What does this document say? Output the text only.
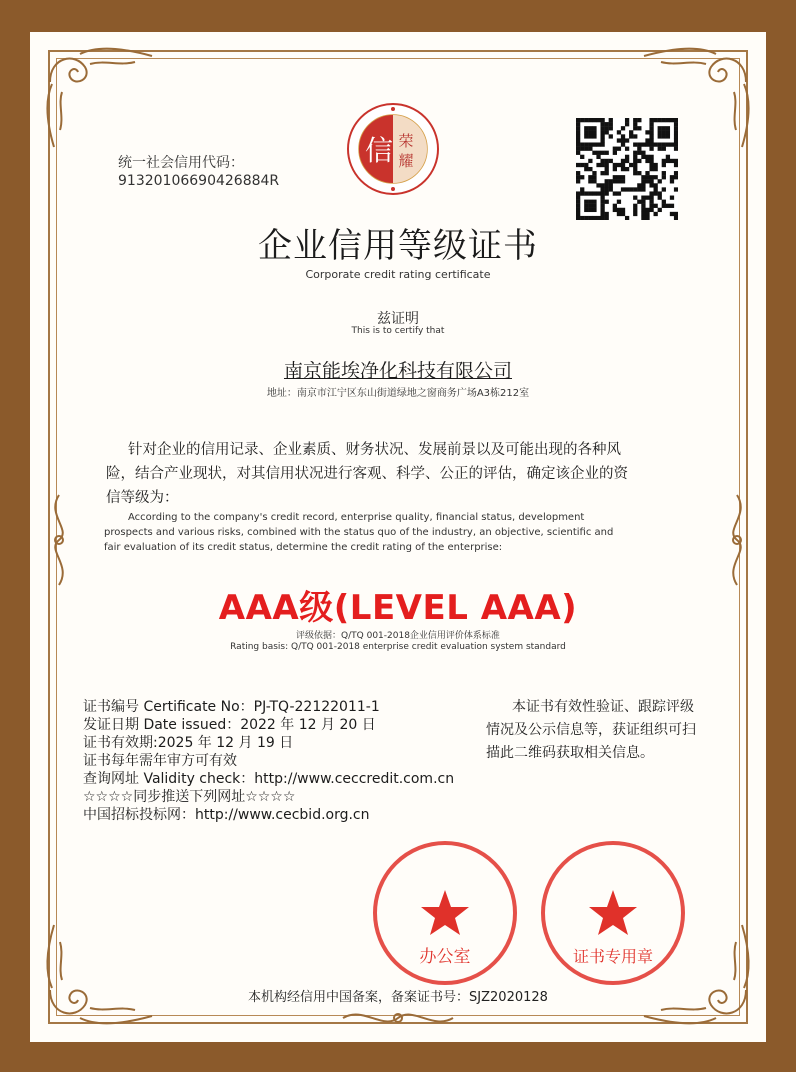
统一社会信用代码：
91320106690426884R
信 荣
耀
企业信用等级证书
Corporate credit rating certificate
兹证明
This is to certify that
南京能埃净化科技有限公司
地址：南京市江宁区东山街道绿地之窗商务广场A3栋212室
针对企业的信用记录、企业素质、财务状况、发展前景以及可能出现的各种风
险，结合产业现状，对其信用状况进行客观、科学、公正的评估，确定该企业的资
信等级为：
According to the company's credit record, enterprise quality, financial status, development
prospects and various risks, combined with the status quo of the industry, an objective, scientific and
fair evaluation of its credit status, determine the credit rating of the enterprise:
AAA级(LEVEL AAA)
评级依据：Q/TQ 001-2018企业信用评价体系标准
Rating basis: Q/TQ 001-2018 enterprise credit evaluation system standard
证书编号 Certificate No：PJ-TQ-22122011-1
发证日期 Date issued：2022 年 12 月 20 日
证书有效期:2025 年 12 月 19 日
证书每年需年审方可有效
查询网址 Validity check：http://www.ceccredit.com.cn
☆☆☆☆同步推送下列网址☆☆☆☆
中国招标投标网：http://www.cecbid.org.cn
本证书有效性验证、跟踪评级
情况及公示信息等，获证组织可扫
描此二维码获取相关信息。
办公室	证书专用章
本机构经信用中国备案，备案证书号：SJZ2020128
